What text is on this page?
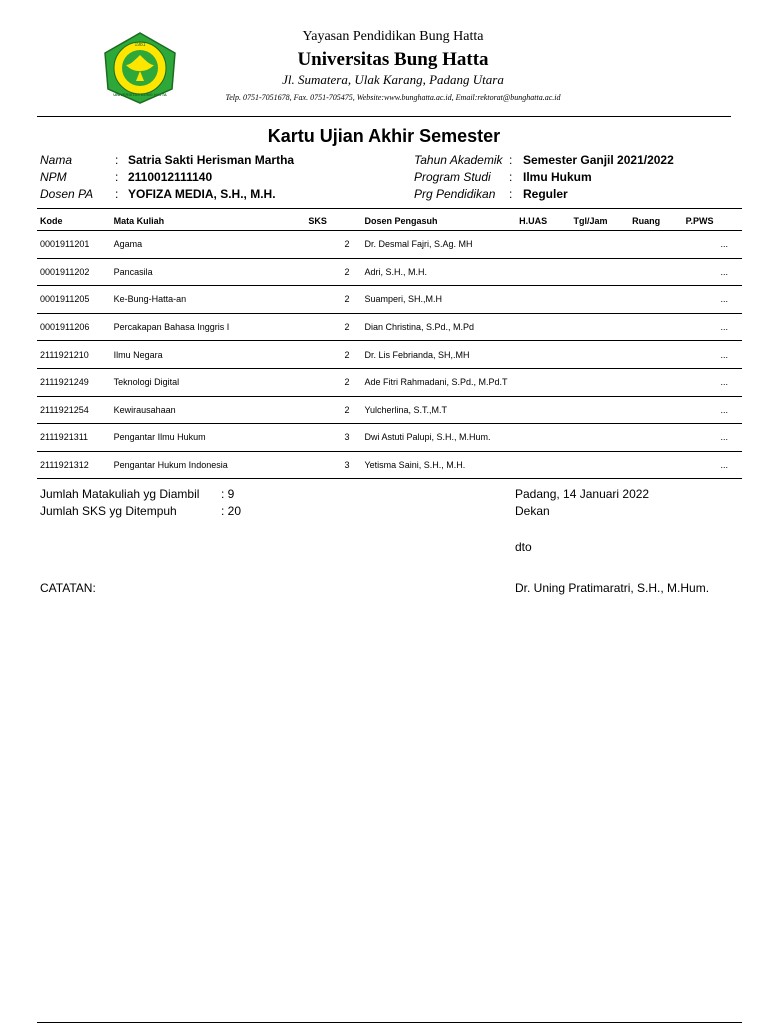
1981
UNIVERSITAS BUNG HATTA
Yayasan Pendidikan Bung Hatta
Universitas Bung Hatta
Jl. Sumatera, Ulak Karang, Padang Utara
Telp. 0751-7051678, Fax. 0751-705475, Website:www.bunghatta.ac.id, Email:rektorat@bunghatta.ac.id
Kartu Ujian Akhir Semester
Nama	: Satria Sakti Herisman Martha
NPM	: 2110012111140
Dosen PA : YOFIZA MEDIA, S.H., M.H.
Tahun Akademik : Semester Ganjil 2021/2022
Program Studi : Ilmu Hukum
Prg Pendidikan : Reguler
Kode	Mata Kuliah	SKS	Dosen Pengasuh	H.UAS	Tgl/Jam	Ruang	P.PWS
0001911201	Agama	2	Dr. Desmal Fajri, S.Ag. MH				...
0001911202	Pancasila	2	Adri, S.H., M.H.				...
0001911205	Ke-Bung-Hatta-an	2	Suamperi, SH.,M.H				...
0001911206	Percakapan Bahasa Inggris I	2	Dian Christina, S.Pd., M.Pd				...
2111921210	Ilmu Negara	2	Dr. Lis Febrianda, SH,.MH				...
2111921249	Teknologi Digital	2	Ade Fitri Rahmadani, S.Pd., M.Pd.T				...
2111921254	Kewirausahaan	2	Yulcherlina, S.T.,M.T				...
2111921311	Pengantar Ilmu Hukum	3	Dwi Astuti Palupi, S.H., M.Hum.				...
2111921312	Pengantar Hukum Indonesia	3	Yetisma Saini, S.H., M.H.				...
Jumlah Matakuliah yg Diambil : 9
Jumlah SKS yg Ditempuh	: 20
Padang, 14 Januari 2022
Dekan
dto
CATATAN:	Dr. Uning Pratimaratri, S.H., M.Hum.
